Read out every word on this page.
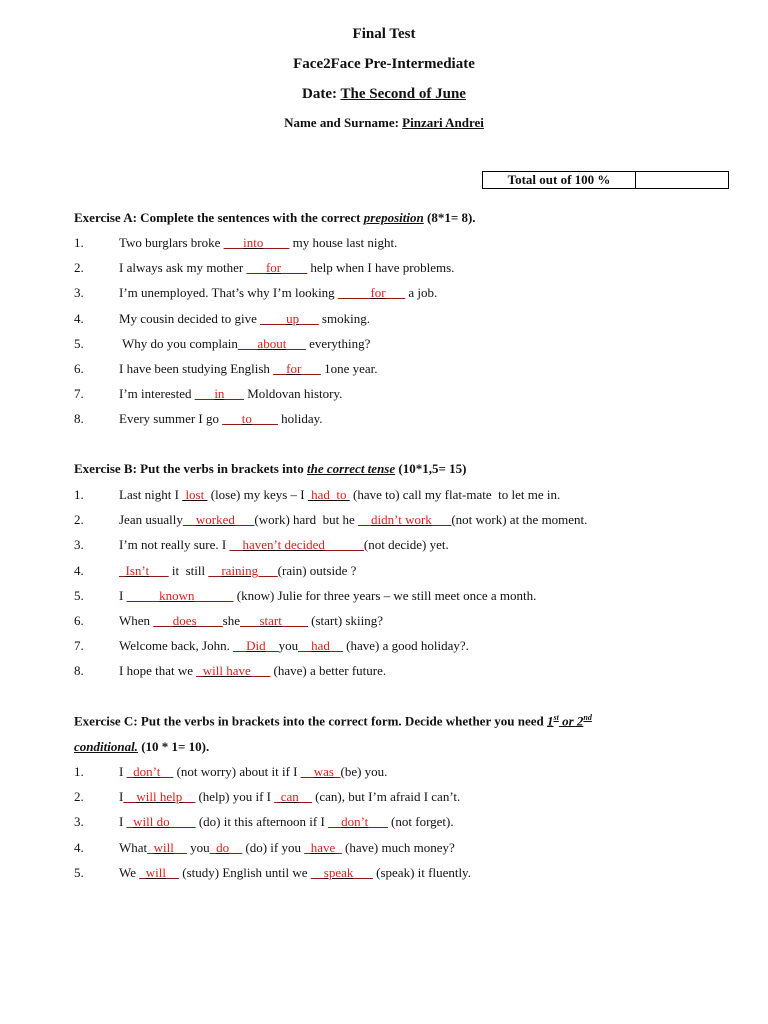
Final Test
Face2Face Pre-Intermediate
Date: The Second of June
Name and Surname: Pinzari Andrei
Total out of 100 %	
Exercise A: Complete the sentences with the correct preposition (8*1= 8).
1.	Two burglars broke ___into____ my house last night.
2.	I always ask my mother ___for____ help when I have problems.
3.	I’m unemployed. That’s why I’m looking _____for___ a job.
4.	My cousin decided to give ____up___ smoking.
5.	Why do you complain___about___ everything?
6.	I have been studying English __for___ 1one year.
7.	I’m interested ___in___ Moldovan history.
8.	Every summer I go ___to____ holiday.
Exercise B: Put the verbs in brackets into the correct tense (10*1,5= 15)
1.	Last night I  lost  (lose) my keys – I  had  to  (have to) call my flat-mate  to let me in.
2.	Jean usually__worked___(work) hard  but he __didn’t work___(not work) at the moment.
3.	I’m not really sure. I __haven’t decided______(not decide) yet.
4.	_Isn’t___ it  still __raining___(rain) outside ?
5.	I _____known______ (know) Julie for three years – we still meet once a month.
6.	When ___does____she___start____ (start) skiing?
7.	Welcome back, John. __Did__you__had__ (have) a good holiday?.
8.	I hope that we _will have___ (have) a better future.
Exercise C: Put the verbs in brackets into the correct form. Decide whether you need 1st or 2nd
conditional. (10 * 1= 10).
1.	I _don’t__ (not worry) about it if I __was_(be) you.
2.	I__will help__ (help) you if I _can__ (can), but I’m afraid I can’t.
3.	I _will do____ (do) it this afternoon if I __don’t___ (not forget).
4.	What_will__ you_do__ (do) if you _have_ (have) much money?
5.	We _will__ (study) English until we __speak___ (speak) it fluently.
